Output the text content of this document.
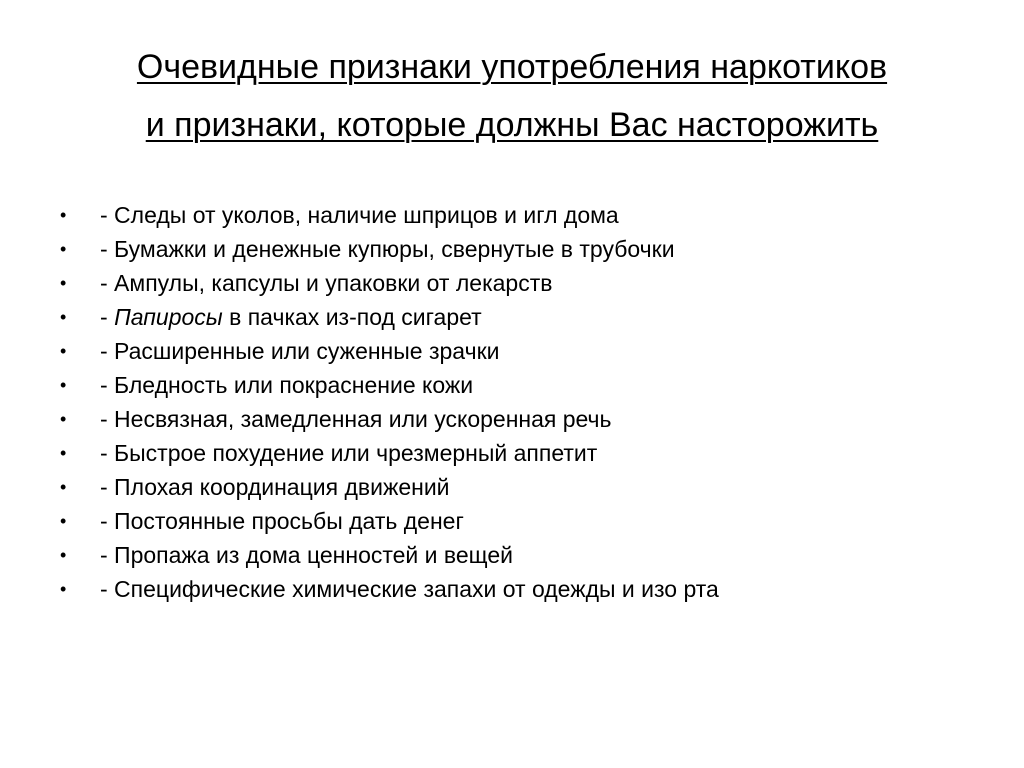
Очевидные признаки употребления наркотиков
и признаки, которые должны Вас насторожить
•	- Следы от уколов, наличие шприцов и игл дома
•	- Бумажки и денежные купюры, свернутые в трубочки
•	- Ампулы, капсулы и упаковки от лекарств
•	- Папиросы в пачках из-под сигарет
•	- Расширенные или суженные зрачки
•	- Бледность или покраснение кожи
•	- Несвязная, замедленная или ускоренная речь
•	- Быстрое похудение или чрезмерный аппетит
•	- Плохая координация движений
•	- Постоянные просьбы дать денег
•	- Пропажа из дома ценностей и вещей
•	- Специфические химические запахи от одежды и изо рта
